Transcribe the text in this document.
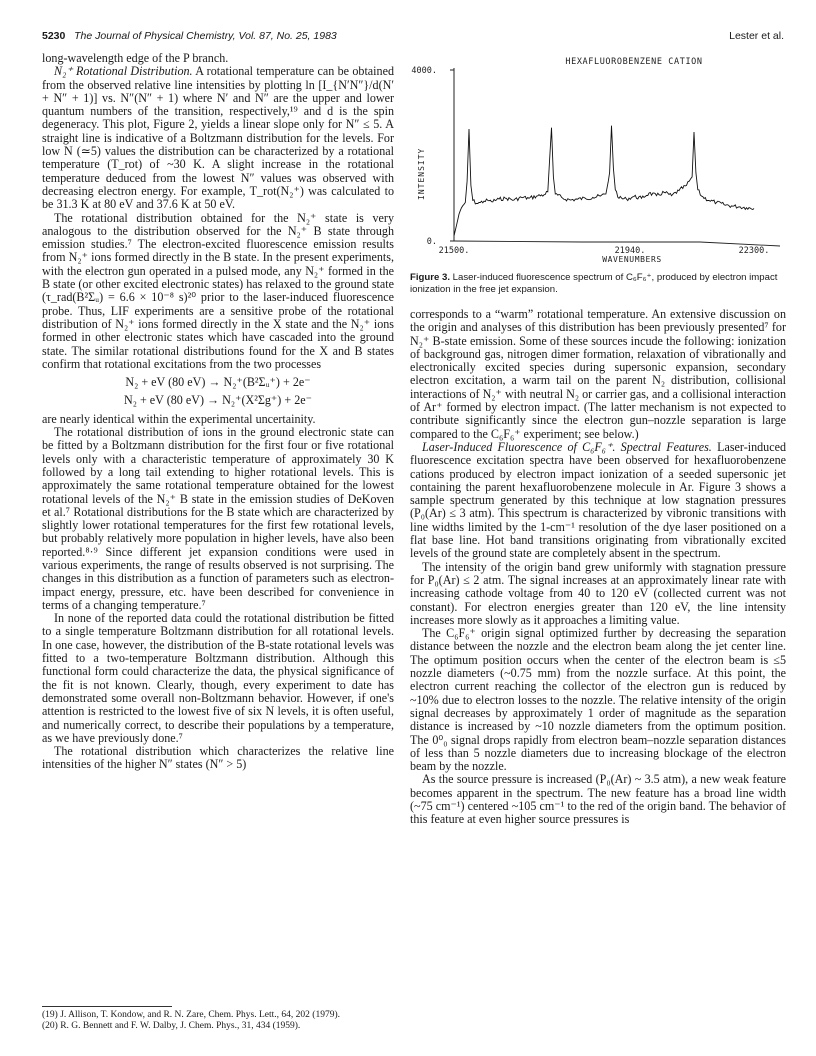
5230 The Journal of Physical Chemistry, Vol. 87, No. 25, 1983	Lester et al.

long-wavelength edge of the P branch.

N₂⁺ Rotational Distribution. A rotational temperature can be obtained from the observed relative line intensities by plotting ln [I_{N′N″}/d(N′ + N″ + 1)] vs. N″(N″ + 1) where N′ and N″ are the upper and lower quantum numbers of the transition, respectively,¹⁹ and d is the spin degeneracy. This plot, Figure 2, yields a linear slope only for N″ ≤ 5. A straight line is indicative of a Boltzmann distribution for the levels. For low N (≃5) values the distribution can be characterized by a rotational temperature (T_rot) of ~30 K. A slight increase in the rotational temperature deduced from the lowest N″ values was observed with decreasing electron energy. For example, T_rot(N₂⁺) was calculated to be 31.3 K at 80 eV and 37.6 K at 50 eV.

The rotational distribution obtained for the N₂⁺ state is very analogous to the distribution observed for the N₂⁺ B state through emission studies.⁷ The electron-excited fluorescence emission results from N₂⁺ ions formed directly in the B state. In the present experiments, with the electron gun operated in a pulsed mode, any N₂⁺ formed in the B state (or other excited electronic states) has relaxed to the ground state (τ_rad(B²Σᵤ) = 6.6 × 10⁻⁸ s)²⁰ prior to the laser-induced fluorescence probe. Thus, LIF experiments are a sensitive probe of the rotational distribution of N₂⁺ ions formed directly in the X state and the N₂⁺ ions formed in other electronic states which have cascaded into the ground state. The similar rotational distributions found for the X and B states confirm that rotational excitations from the two processes

N₂ + eV (80 eV) → N₂⁺(B²Σᵤ⁺) + 2e⁻

N₂ + eV (80 eV) → N₂⁺(X²Σg⁺) + 2e⁻

are nearly identical within the experimental uncertainity.

The rotational distribution of ions in the ground electronic state can be fitted by a Boltzmann distribution for the first four or five rotational levels only with a characteristic temperature of approximately 30 K followed by a long tail extending to higher rotational levels. This is approximately the same rotational temperature obtained for the lowest rotational levels of the N₂⁺ B state in the emission studies of DeKoven et al.⁷ Rotational distributions for the B state which are characterized by slightly lower rotational temperatures for the first few rotational levels, but probably relatively more population in higher levels, have also been reported.⁸·⁹ Since different jet expansion conditions were used in various experiments, the range of results observed is not surprising. The changes in this distribution as a function of parameters such as electron-impact energy, pressure, etc. have been described for convenience in terms of a changing temperature.⁷

In none of the reported data could the rotational distribution be fitted to a single temperature Boltzmann distribution for all rotational levels. In one case, however, the distribution of the B-state rotational levels was fitted to a two-temperature Boltzmann distribution. Although this functional form could characterize the data, the physical significance of the fit is not known. Clearly, though, every experiment to date has demonstrated some overall non-Boltzmann behavior. However, if one's attention is restricted to the lowest five of six N levels, it is often useful, and numerically correct, to describe their populations by a temperature, as we have previously done.⁷

The rotational distribution which characterizes the relative line intensities of the higher N″ states (N″ > 5)

(19) J. Allison, T. Kondow, and R. N. Zare, Chem. Phys. Lett., 64, 202 (1979).

(20) R. G. Bennett and F. W. Dalby, J. Chem. Phys., 31, 434 (1959).

HEXAFLUOROBENZENE CATION
4000.
0.
INTENSITY
21500.	21940.	22300.
WAVENUMBERS
Figure 3. Laser-induced fluorescence spectrum of C₆F₆⁺, produced by electron impact ionization in the free jet expansion.

corresponds to a “warm” rotational temperature. An extensive discussion on the origin and analyses of this distribution has been previously presented⁷ for N₂⁺ B-state emission. Some of these sources incude the following: ionization of background gas, nitrogen dimer formation, relaxation of vibrationally and electronically excited species during supersonic expansion, secondary electron excitation, a warm tail on the parent N₂ distribution, collisional interactions of N₂⁺ with neutral N₂ or carrier gas, and a collisional interaction of Ar⁺ formed by electron impact. (The latter mechanism is not expected to contribute significantly since the electron gun–nozzle separation is large compared to the C₆F₆⁺ experiment; see below.)

Laser-Induced Fluorescence of C₆F₆⁺. Spectral Features. Laser-induced fluorescence excitation spectra have been observed for hexafluorobenzene cations produced by electron impact ionization of a seeded supersonic jet containing the parent hexafluorobenzene molecule in Ar. Figure 3 shows a sample spectrum generated by this technique at low stagnation pressures (P₀(Ar) ≤ 3 atm). This spectrum is characterized by vibronic transitions with line widths limited by the 1-cm⁻¹ resolution of the dye laser positioned on a flat base line. Hot band transitions originating from vibrationally excited levels of the ground state are completely absent in the spectrum.

The intensity of the origin band grew uniformly with stagnation pressure for P₀(Ar) ≤ 2 atm. The signal increases at an approximately linear rate with increasing cathode voltage from 40 to 120 eV (collected current was not constant). For electron energies greater than 120 eV, the line intensity increases more slowly as it approaches a limiting value.

The C₆F₆⁺ origin signal optimized further by decreasing the separation distance between the nozzle and the electron beam along the jet center line. The optimum position occurs when the center of the electron beam is ≤5 nozzle diameters (~0.75 mm) from the nozzle surface. At this point, the electron current reaching the collector of the electron gun is reduced by ~10% due to electron losses to the nozzle. The relative intensity of the origin signal decreases by approximately 1 order of magnitude as the separation distance is increased by ~10 nozzle diameters from the optimum position. The 0⁰₀ signal drops rapidly from electron beam–nozzle separation distances of less than 5 nozzle diameters due to increasing blockage of the electron beam by the nozzle.

As the source pressure is increased (P₀(Ar) ~ 3.5 atm), a new weak feature becomes apparent in the spectrum. The new feature has a broad line width (~75 cm⁻¹) centered ~105 cm⁻¹ to the red of the origin band. The behavior of this feature at even higher source pressures is
